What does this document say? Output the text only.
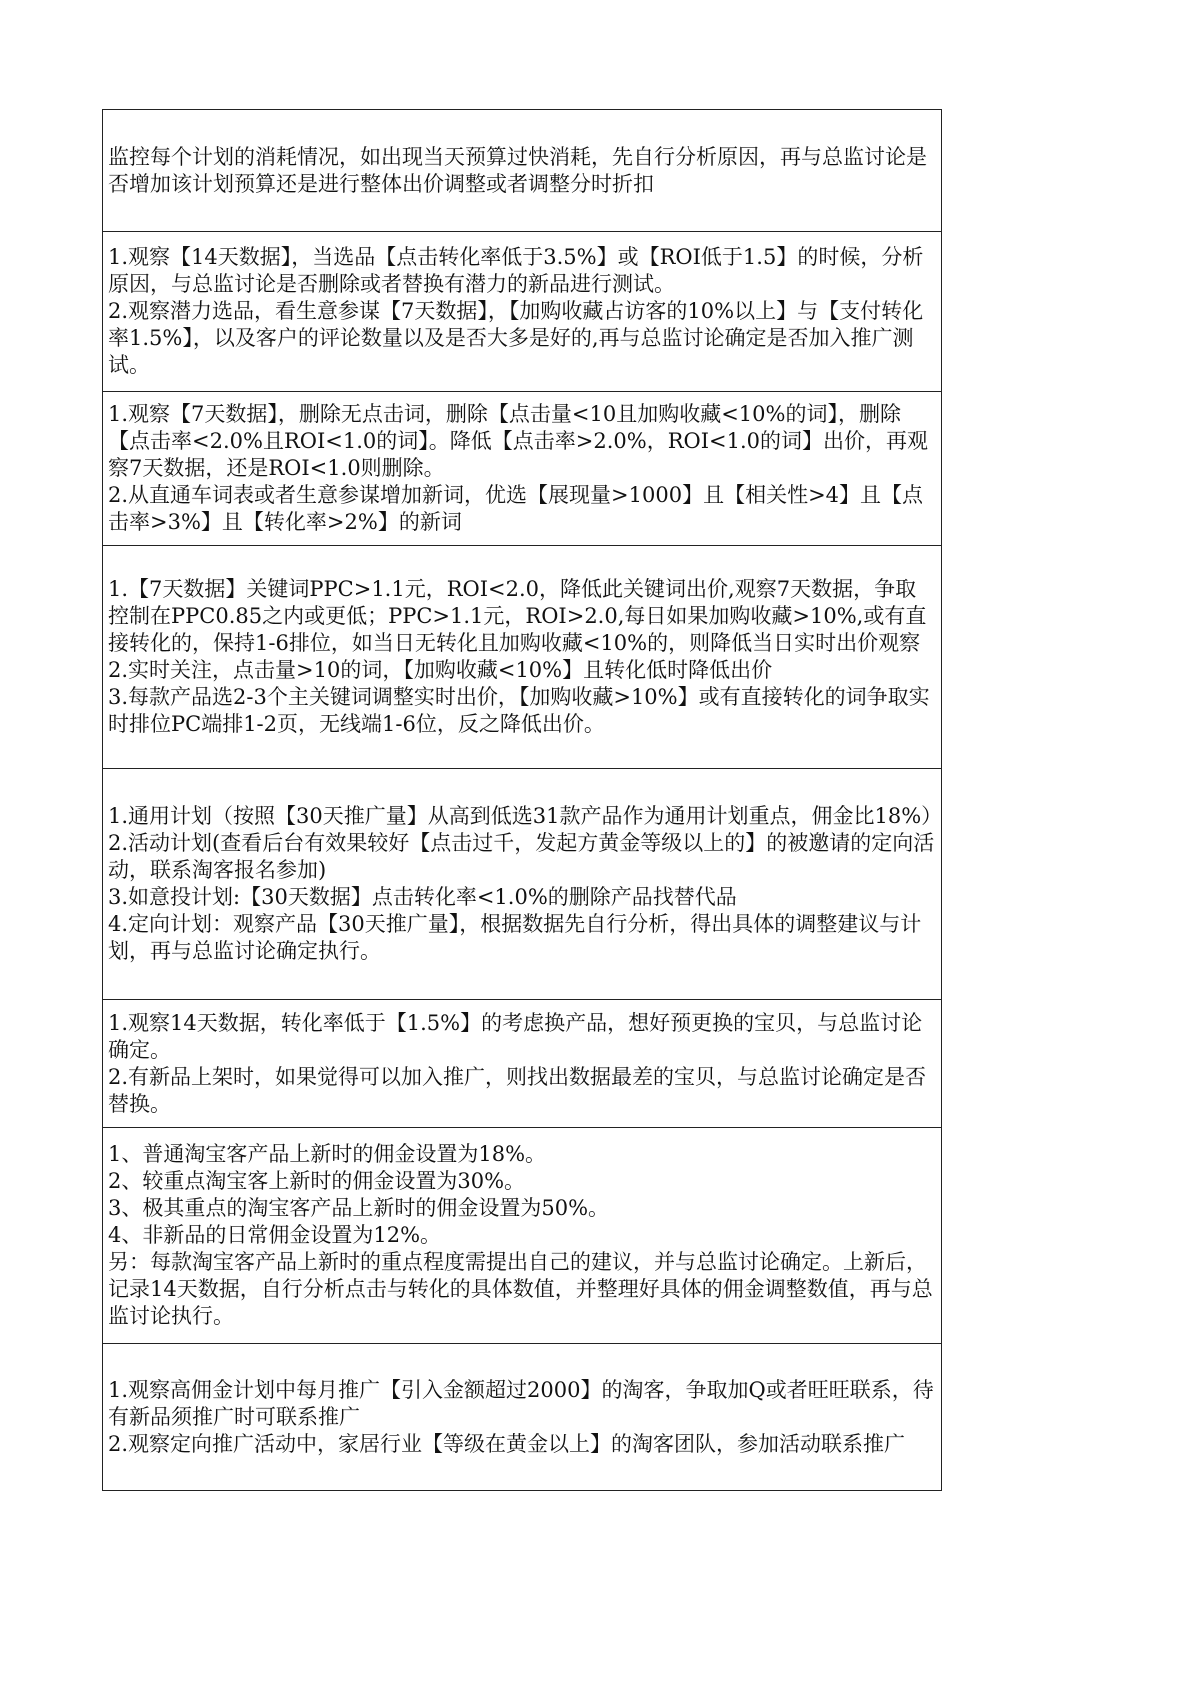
监控每个计划的消耗情况，如出现当天预算过快消耗，先自行分析原因，再与总监讨论是否增加该计划预算还是进行整体出价调整或者调整分时折扣

1.观察【14天数据】，当选品【点击转化率低于3.5%】或【ROI低于1.5】的时候，分析原因，与总监讨论是否删除或者替换有潜力的新品进行测试。

2.观察潜力选品，看生意参谋【7天数据】，【加购收藏占访客的10%以上】与【支付转化率1.5%】，以及客户的评论数量以及是否大多是好的,再与总监讨论确定是否加入推广测试。

1.观察【7天数据】，删除无点击词，删除【点击量<10且加购收藏<10%的词】，删除【点击率<2.0%且ROI<1.0的词】。降低【点击率>2.0%，ROI<1.0的词】出价，再观察7天数据，还是ROI<1.0则删除。

2.从直通车词表或者生意参谋增加新词，优选【展现量>1000】且【相关性>4】且【点击率>3%】且【转化率>2%】的新词

1.【7天数据】关键词PPC>1.1元，ROI<2.0，降低此关键词出价,观察7天数据，争取控制在PPC0.85之内或更低；PPC>1.1元，ROI>2.0,每日如果加购收藏>10%,或有直接转化的，保持1-6排位，如当日无转化且加购收藏<10%的，则降低当日实时出价观察

2.实时关注，点击量>10的词，【加购收藏<10%】且转化低时降低出价

3.每款产品选2-3个主关键词调整实时出价，【加购收藏>10%】或有直接转化的词争取实时排位PC端排1-2页，无线端1-6位，反之降低出价。

1.通用计划（按照【30天推广量】从高到低选31款产品作为通用计划重点，佣金比18%）

2.活动计划(查看后台有效果较好【点击过千，发起方黄金等级以上的】的被邀请的定向活动，联系淘客报名参加)

3.如意投计划:【30天数据】点击转化率<1.0%的删除产品找替代品

4.定向计划：观察产品【30天推广量】，根据数据先自行分析，得出具体的调整建议与计划，再与总监讨论确定执行。

1.观察14天数据，转化率低于【1.5%】的考虑换产品，想好预更换的宝贝，与总监讨论确定。

2.有新品上架时，如果觉得可以加入推广，则找出数据最差的宝贝，与总监讨论确定是否替换。

1、普通淘宝客产品上新时的佣金设置为18%。

2、较重点淘宝客上新时的佣金设置为30%。

3、极其重点的淘宝客产品上新时的佣金设置为50%。

4、非新品的日常佣金设置为12%。

另：每款淘宝客产品上新时的重点程度需提出自己的建议，并与总监讨论确定。上新后，记录14天数据，自行分析点击与转化的具体数值，并整理好具体的佣金调整数值，再与总监讨论执行。

1.观察高佣金计划中每月推广【引入金额超过2000】的淘客，争取加Q或者旺旺联系，待有新品须推广时可联系推广

2.观察定向推广活动中，家居行业【等级在黄金以上】的淘客团队，参加活动联系推广
